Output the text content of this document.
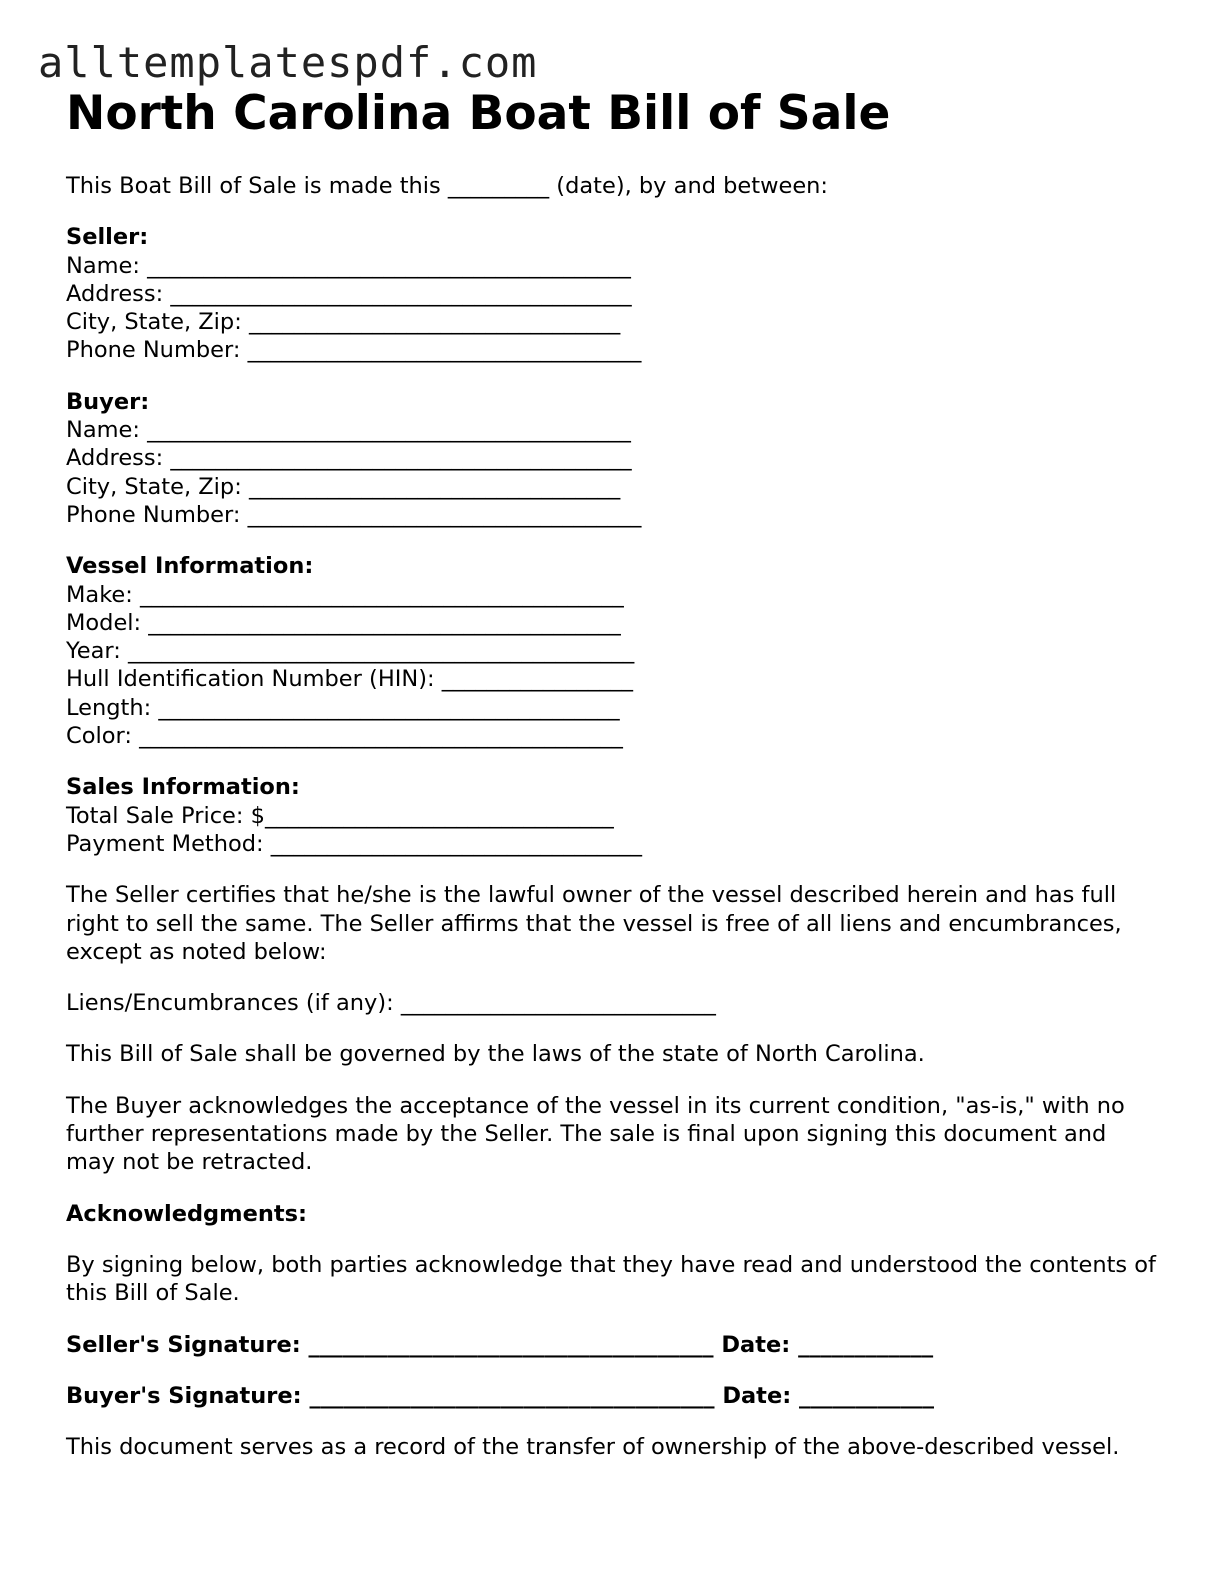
alltemplatespdf.com
North Carolina Boat Bill of Sale

This Boat Bill of Sale is made this _________ (date), by and between:

Seller:

Name: ___________________________________________

Address: _________________________________________

City, State, Zip: _________________________________

Phone Number: ___________________________________

Buyer:

Name: ___________________________________________

Address: _________________________________________

City, State, Zip: _________________________________

Phone Number: ___________________________________

Vessel Information:

Make: ___________________________________________

Model: __________________________________________

Year: _____________________________________________

Hull Identification Number (HIN): _________________

Length: _________________________________________

Color: ___________________________________________

Sales Information:

Total Sale Price: $_______________________________

Payment Method: _________________________________

The Seller certifies that he/she is the lawful owner of the vessel described herein and has full right to sell the same. The Seller affirms that the vessel is free of all liens and encumbrances, except as noted below:

Liens/Encumbrances (if any): ____________________________

This Bill of Sale shall be governed by the laws of the state of North Carolina.

The Buyer acknowledges the acceptance of the vessel in its current condition, "as-is," with no further representations made by the Seller. The sale is final upon signing this document and may not be retracted.

Acknowledgments:

By signing below, both parties acknowledge that they have read and understood the contents of this Bill of Sale.

Seller's Signature: ____________________________________ Date: ____________

Buyer's Signature: ____________________________________ Date: ____________

This document serves as a record of the transfer of ownership of the above-described vessel.
